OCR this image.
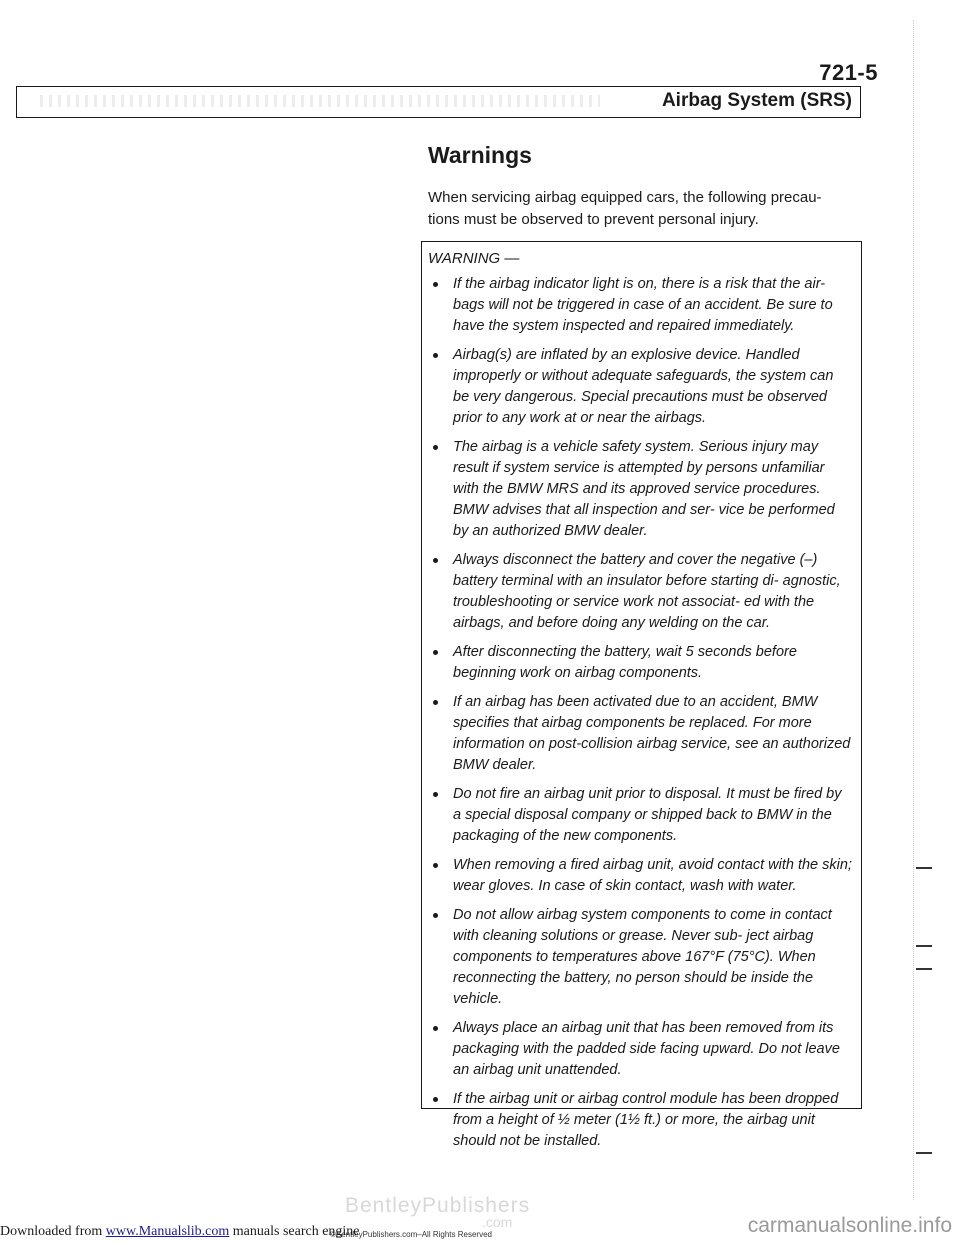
721-5
Airbag System (SRS)
Warnings
When servicing airbag equipped cars, the following precau-
tions must be observed to prevent personal injury.
WARNING —
If the airbag indicator light is on, there is a risk that the air- bags will not be triggered in case of an accident. Be sure to have the system inspected and repaired immediately.
Airbag(s) are inflated by an explosive device. Handled improperly or without adequate safeguards, the system can be very dangerous. Special precautions must be observed prior to any work at or near the airbags.
The airbag is a vehicle safety system. Serious injury may result if system service is attempted by persons unfamiliar with the BMW MRS and its approved service procedures. BMW advises that all inspection and ser- vice be performed by an authorized BMW dealer.
Always disconnect the battery and cover the negative (–) battery terminal with an insulator before starting di- agnostic, troubleshooting or service work not associat- ed with the airbags, and before doing any welding on the car.
After disconnecting the battery, wait 5 seconds before beginning work on airbag components.
If an airbag has been activated due to an accident, BMW specifies that airbag components be replaced. For more information on post-collision airbag service, see an authorized BMW dealer.
Do not fire an airbag unit prior to disposal. It must be fired by a special disposal company or shipped back to BMW in the packaging of the new components.
When removing a fired airbag unit, avoid contact with the skin; wear gloves. In case of skin contact, wash with water.
Do not allow airbag system components to come in contact with cleaning solutions or grease. Never sub- ject airbag components to temperatures above 167°F (75°C). When reconnecting the battery, no person should be inside the vehicle.
Always place an airbag unit that has been removed from its packaging with the padded side facing upward. Do not leave an airbag unit unattended.
If the airbag unit or airbag control module has been dropped from a height of ½ meter (1½ ft.) or more, the airbag unit should not be installed.
BentleyPublishers
.com
©BentleyPublishers.com–All Rights Reserved
Downloaded from www.Manualslib.com manuals search engine	carmanualsonline.info
